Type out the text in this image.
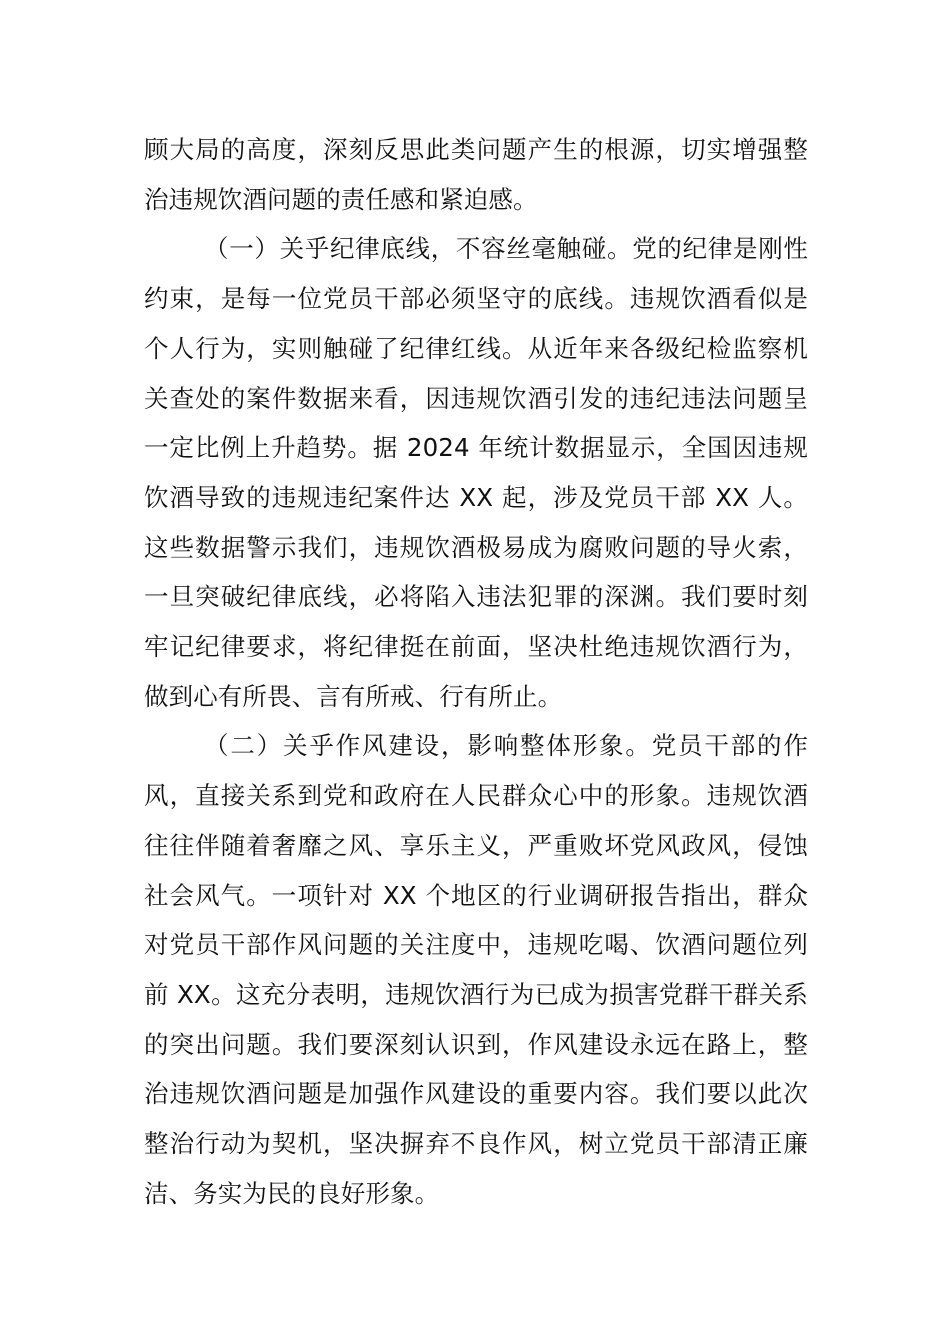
顾大局的高度，深刻反思此类问题产生的根源，切实增强整治违规饮酒问题的责任感和紧迫感。

（一）关乎纪律底线，不容丝毫触碰。党的纪律是刚性约束，是每一位党员干部必须坚守的底线。违规饮酒看似是个人行为，实则触碰了纪律红线。从近年来各级纪检监察机关查处的案件数据来看，因违规饮酒引发的违纪违法问题呈一定比例上升趋势。据 2024 年统计数据显示，全国因违规饮酒导致的违规违纪案件达 XX 起，涉及党员干部 XX 人。这些数据警示我们，违规饮酒极易成为腐败问题的导火索，一旦突破纪律底线，必将陷入违法犯罪的深渊。我们要时刻牢记纪律要求，将纪律挺在前面，坚决杜绝违规饮酒行为，做到心有所畏、言有所戒、行有所止。

（二）关乎作风建设，影响整体形象。党员干部的作风，直接关系到党和政府在人民群众心中的形象。违规饮酒往往伴随着奢靡之风、享乐主义，严重败坏党风政风，侵蚀社会风气。一项针对 XX 个地区的行业调研报告指出，群众对党员干部作风问题的关注度中，违规吃喝、饮酒问题位列前 XX。这充分表明，违规饮酒行为已成为损害党群干群关系的突出问题。我们要深刻认识到，作风建设永远在路上，整治违规饮酒问题是加强作风建设的重要内容。我们要以此次整治行动为契机，坚决摒弃不良作风，树立党员干部清正廉洁、务实为民的良好形象。
